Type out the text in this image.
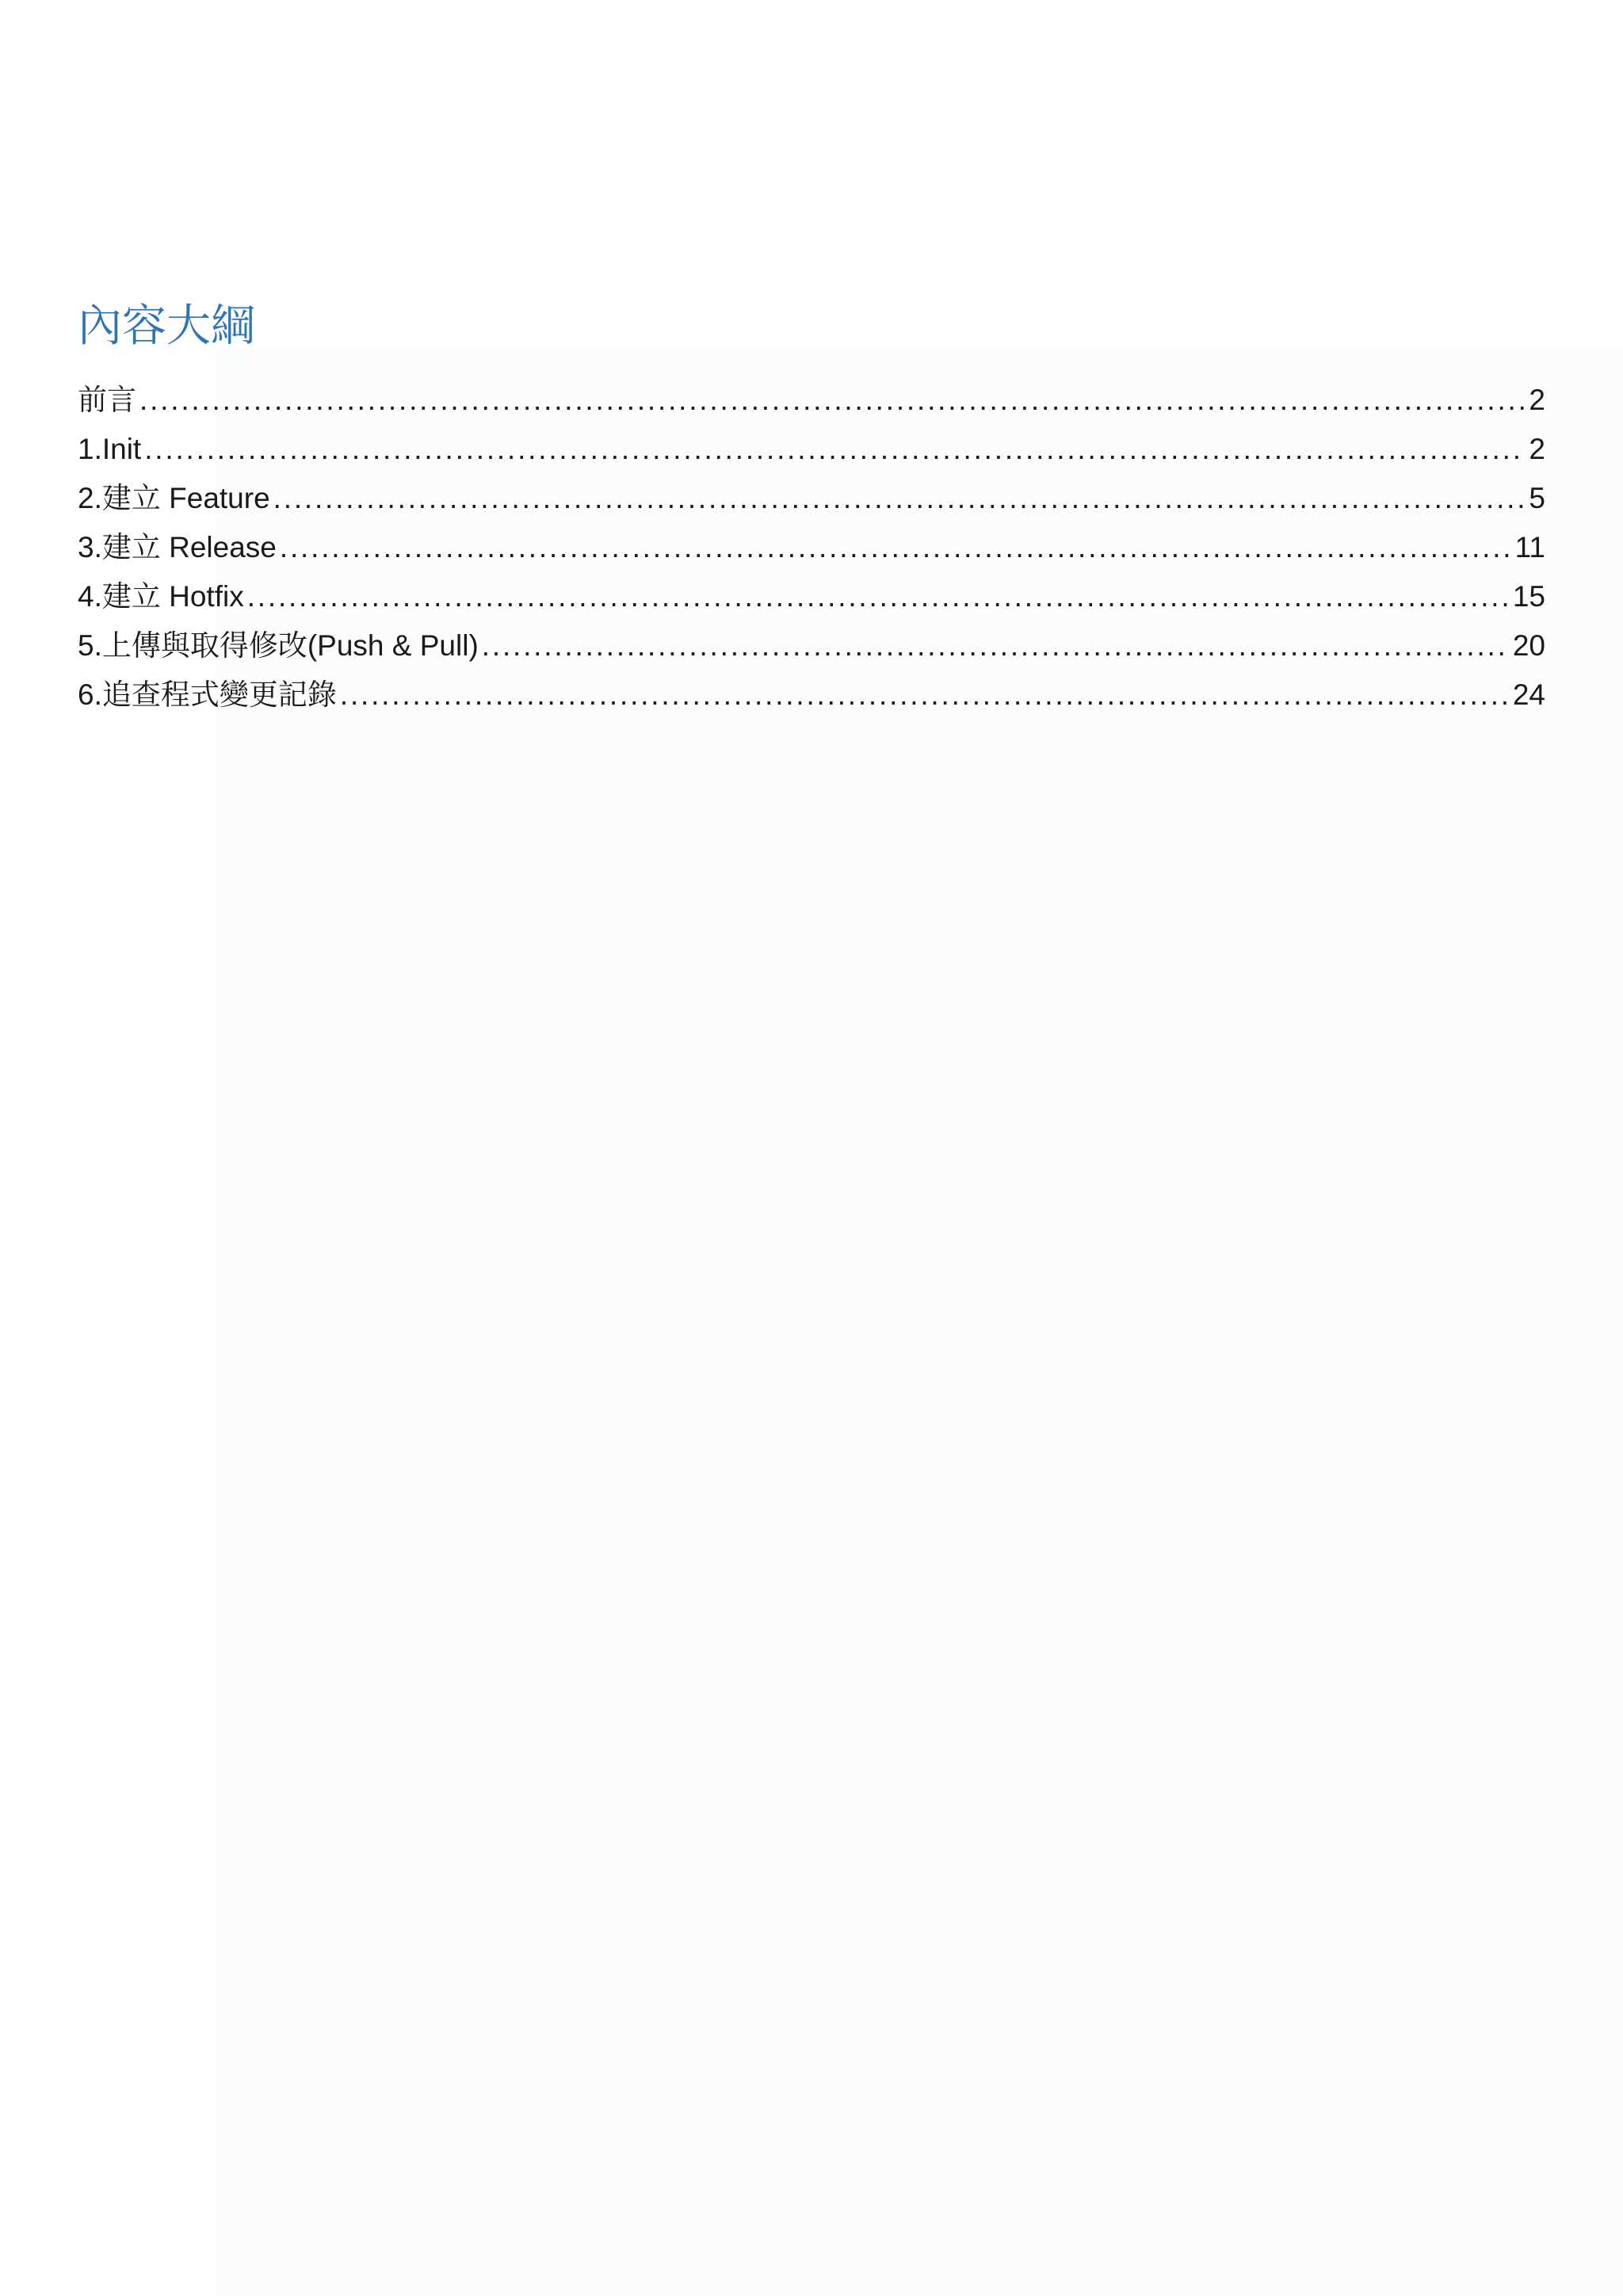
內容大綱
前言 .....	2
1.Init .....	2
2.建立 Feature .....	5
3.建立 Release .....	11
4.建立 Hotfix .....	15
5.上傳與取得修改(Push & Pull) .....	20
6.追查程式變更記錄 .....	24
